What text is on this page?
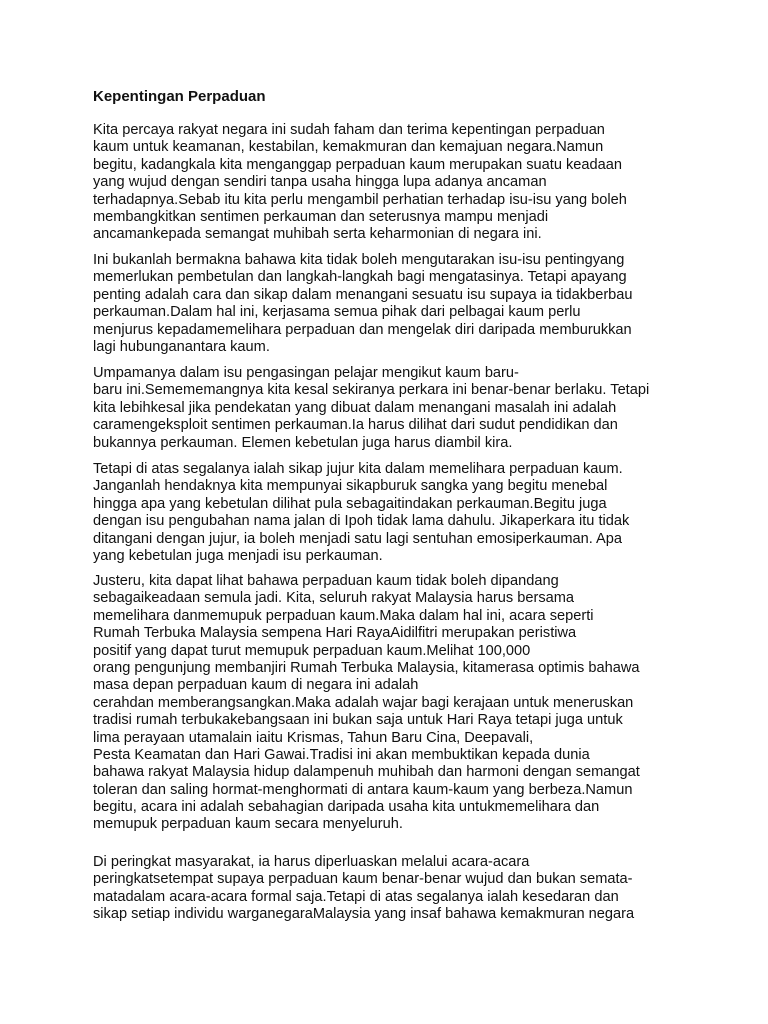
Kepentingan Perpaduan

Kita percaya rakyat negara ini sudah faham dan terima kepentingan perpaduan
kaum untuk keamanan, kestabilan, kemakmuran dan kemajuan negara.Namun
begitu, kadangkala kita menganggap perpaduan kaum merupakan suatu keadaan
yang wujud dengan sendiri tanpa usaha hingga lupa adanya ancaman
terhadapnya.Sebab itu kita perlu mengambil perhatian terhadap isu-isu yang boleh
membangkitkan sentimen perkauman dan seterusnya mampu menjadi
ancamankepada semangat muhibah serta keharmonian di negara ini.

Ini bukanlah bermakna bahawa kita tidak boleh mengutarakan isu-isu pentingyang
memerlukan pembetulan dan langkah-langkah bagi mengatasinya. Tetapi apayang
penting adalah cara dan sikap dalam menangani sesuatu isu supaya ia tidakberbau
perkauman.Dalam hal ini, kerjasama semua pihak dari pelbagai kaum perlu
menjurus kepadamemelihara perpaduan dan mengelak diri daripada memburukkan
lagi hubunganantara kaum.

Umpamanya dalam isu pengasingan pelajar mengikut kaum baru-
baru ini.Semememangnya kita kesal sekiranya perkara ini benar-benar berlaku. Tetapi
kita lebihkesal jika pendekatan yang dibuat dalam menangani masalah ini adalah
caramengeksploit sentimen perkauman.Ia harus dilihat dari sudut pendidikan dan
bukannya perkauman. Elemen kebetulan juga harus diambil kira.

Tetapi di atas segalanya ialah sikap jujur kita dalam memelihara perpaduan kaum.
Janganlah hendaknya kita mempunyai sikapburuk sangka yang begitu menebal
hingga apa yang kebetulan dilihat pula sebagaitindakan perkauman.Begitu juga
dengan isu pengubahan nama jalan di Ipoh tidak lama dahulu. Jikaperkara itu tidak
ditangani dengan jujur, ia boleh menjadi satu lagi sentuhan emosiperkauman. Apa
yang kebetulan juga menjadi isu perkauman.

Justeru, kita dapat lihat bahawa perpaduan kaum tidak boleh dipandang
sebagaikeadaan semula jadi. Kita, seluruh rakyat Malaysia harus bersama
memelihara danmemupuk perpaduan kaum.Maka dalam hal ini, acara seperti
Rumah Terbuka Malaysia sempena Hari RayaAidilfitri merupakan peristiwa
positif yang dapat turut memupuk perpaduan kaum.Melihat 100,000
orang pengunjung membanjiri Rumah Terbuka Malaysia, kitamerasa optimis bahawa
masa depan perpaduan kaum di negara ini adalah
cerahdan memberangsangkan.Maka adalah wajar bagi kerajaan untuk meneruskan
tradisi rumah terbukakebangsaan ini bukan saja untuk Hari Raya tetapi juga untuk
lima perayaan utamalain iaitu Krismas, Tahun Baru Cina, Deepavali,
Pesta Keamatan dan Hari Gawai.Tradisi ini akan membuktikan kepada dunia
bahawa rakyat Malaysia hidup dalampenuh muhibah dan harmoni dengan semangat
toleran dan saling hormat-menghormati di antara kaum-kaum yang berbeza.Namun
begitu, acara ini adalah sebahagian daripada usaha kita untukmemelihara dan
memupuk perpaduan kaum secara menyeluruh.

Di peringkat masyarakat, ia harus diperluaskan melalui acara-acara
peringkatsetempat supaya perpaduan kaum benar-benar wujud dan bukan semata-
matadalam acara-acara formal saja.Tetapi di atas segalanya ialah kesedaran dan
sikap setiap individu warganegaraMalaysia yang insaf bahawa kemakmuran negara
